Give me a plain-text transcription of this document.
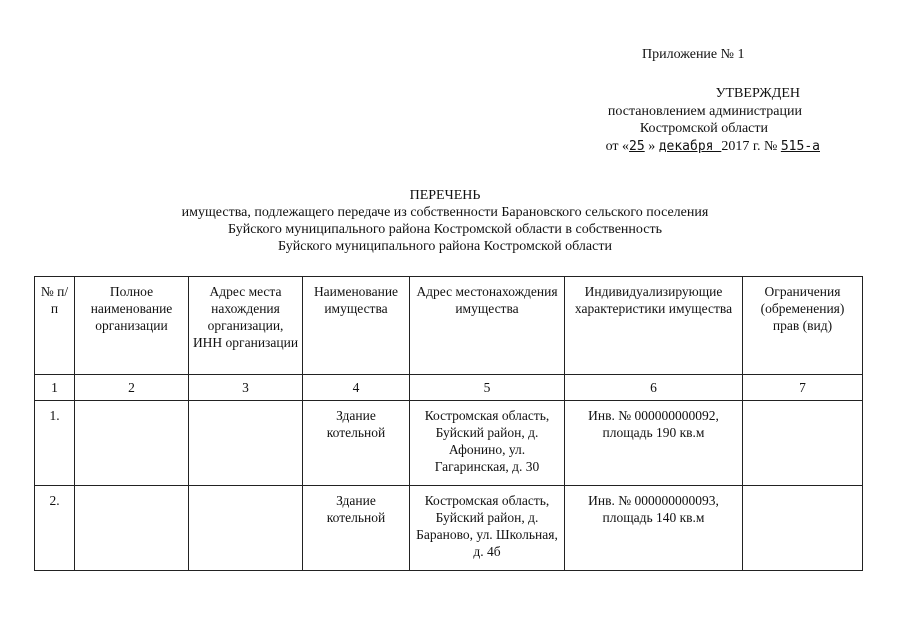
Приложение № 1
УТВЕРЖДЕН
постановлением администрации
Костромской области
от «25 » декабря 2017 г. № 515-а
ПЕРЕЧЕНЬ
имущества, подлежащего передаче из собственности Барановского сельского поселения
Буйского муниципального района Костромской области в собственность
Буйского муниципального района Костромской области
№ п/п	Полное наименование организации	Адрес места нахождения организации, ИНН организации	Наименование имущества	Адрес местонахождения имущества	Индивидуализирующие характеристики имущества	Ограничения (обременения) прав (вид)
1	2	3	4	5	6	7
1.			Здание котельной	Костромская область, Буйский район, д. Афонино, ул. Гагаринская, д. 30	Инв. № 000000000092, площадь 190 кв.м	
2.			Здание котельной	Костромская область, Буйский район, д. Бараново, ул. Школьная, д. 4б	Инв. № 000000000093, площадь 140 кв.м	
